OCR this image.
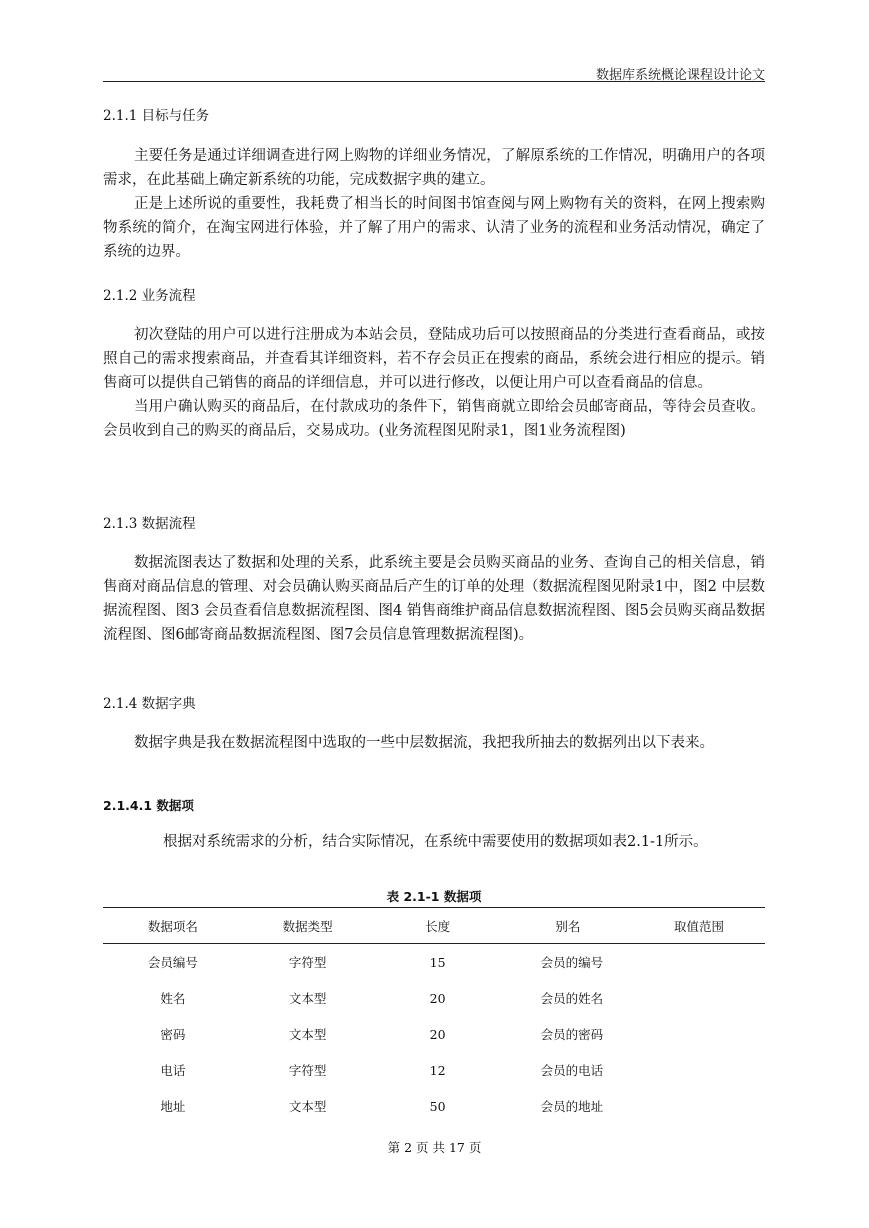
数据库系统概论课程设计论文
2.1.1 目标与任务

主要任务是通过详细调查进行网上购物的详细业务情况，了解原系统的工作情况，明确用户的各项需求，在此基础上确定新系统的功能，完成数据字典的建立。

正是上述所说的重要性，我耗费了相当长的时间图书馆查阅与网上购物有关的资料，在网上搜索购物系统的简介，在淘宝网进行体验，并了解了用户的需求、认清了业务的流程和业务活动情况，确定了系统的边界。

2.1.2 业务流程

初次登陆的用户可以进行注册成为本站会员，登陆成功后可以按照商品的分类进行查看商品，或按照自己的需求搜索商品，并查看其详细资料，若不存会员正在搜索的商品，系统会进行相应的提示。销售商可以提供自己销售的商品的详细信息，并可以进行修改，以便让用户可以查看商品的信息。

当用户确认购买的商品后，在付款成功的条件下，销售商就立即给会员邮寄商品，等待会员查收。会员收到自己的购买的商品后，交易成功。(业务流程图见附录1，图1业务流程图)

2.1.3 数据流程

数据流图表达了数据和处理的关系，此系统主要是会员购买商品的业务、查询自己的相关信息，销售商对商品信息的管理、对会员确认购买商品后产生的订单的处理（数据流程图见附录1中，图2 中层数据流程图、图3 会员查看信息数据流程图、图4 销售商维护商品信息数据流程图、图5会员购买商品数据流程图、图6邮寄商品数据流程图、图7会员信息管理数据流程图)。

2.1.4 数据字典

数据字典是我在数据流程图中选取的一些中层数据流，我把我所抽去的数据列出以下表来。

2.1.4.1 数据项

根据对系统需求的分析，结合实际情况，在系统中需要使用的数据项如表2.1-1所示。

表 2.1-1 数据项
数据项名	数据类型	长度	别名	取值范围
会员编号	字符型	15	会员的编号	
姓名	文本型	20	会员的姓名	
密码	文本型	20	会员的密码	
电话	字符型	12	会员的电话	
地址	文本型	50	会员的地址	
第 2 页 共 17 页
